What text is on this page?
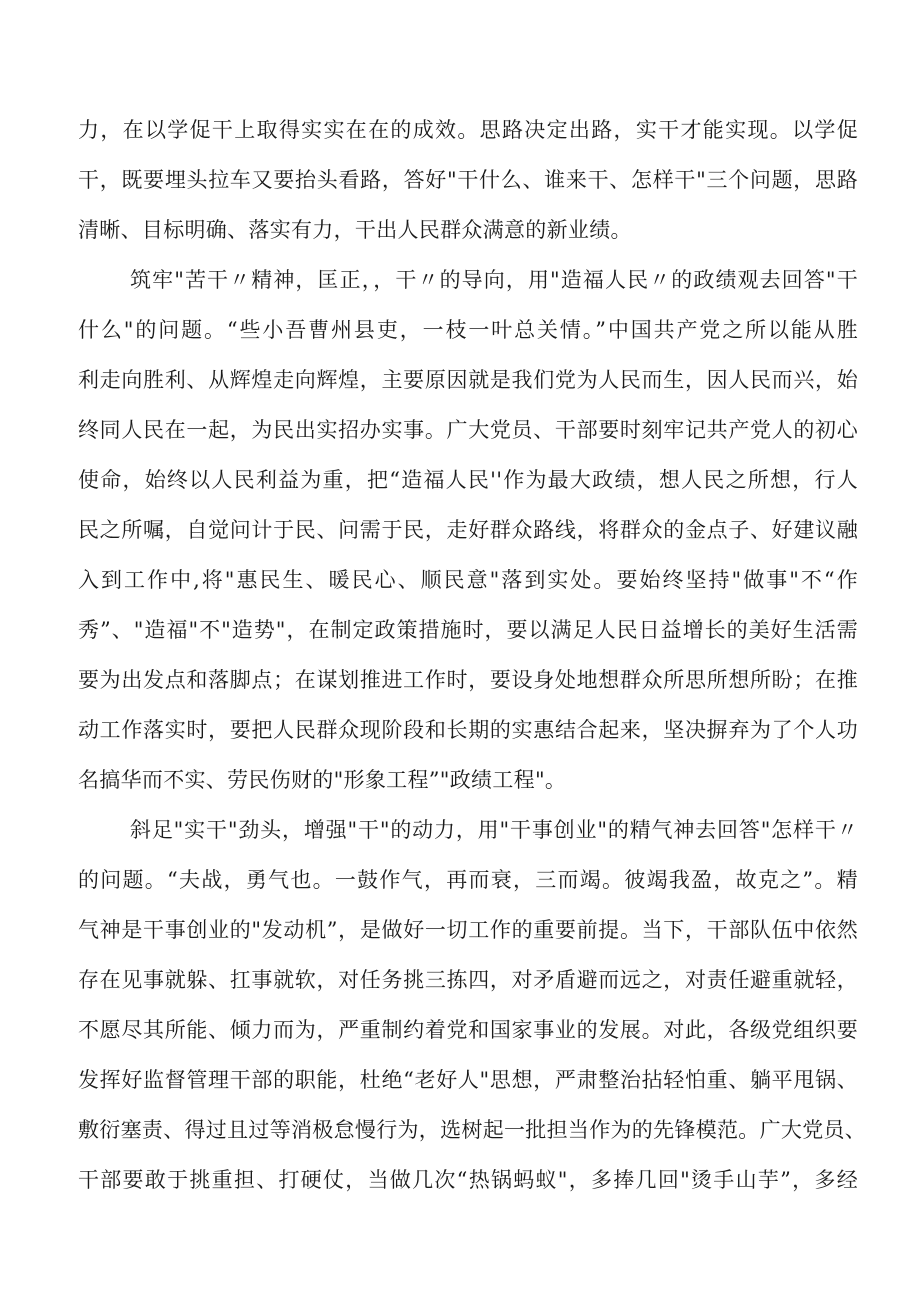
力，在以学促干上取得实实在在的成效。思路决定出路，实干才能实现。以学促
干，既要埋头拉车又要抬头看路，答好"干什么、谁来干、怎样干"三个问题，思路
清晰、目标明确、落实有力，干出人民群众满意的新业绩。
筑牢"苦干〃精神，匡正，，干〃的导向，用"造福人民〃的政绩观去回答"干
什么"的问题。“些小吾曹州县吏，一枝一叶总关情。”中国共产党之所以能从胜
利走向胜利、从辉煌走向辉煌，主要原因就是我们党为人民而生，因人民而兴，始
终同人民在一起，为民出实招办实事。广大党员、干部要时刻牢记共产党人的初心
使命，始终以人民利益为重，把“造福人民''作为最大政绩，想人民之所想，行人
民之所嘱，自觉问计于民、问需于民，走好群众路线，将群众的金点子、好建议融
入到工作中,将"惠民生、暖民心、顺民意"落到实处。要始终坚持"做事"不“作
秀”、"造福"不"造势"，在制定政策措施时，要以满足人民日益增长的美好生活需
要为出发点和落脚点；在谋划推进工作时，要设身处地想群众所思所想所盼；在推
动工作落实时，要把人民群众现阶段和长期的实惠结合起来，坚决摒弃为了个人功
名搞华而不实、劳民伤财的"形象工程”"政绩工程"。
斜足"实干"劲头，增强"干"的动力，用"干事创业"的精气神去回答"怎样干〃
的问题。“夫战，勇气也。一鼓作气，再而衰，三而竭。彼竭我盈，故克之”。精
气神是干事创业的"发动机”，是做好一切工作的重要前提。当下，干部队伍中依然
存在见事就躲、扛事就软，对任务挑三拣四，对矛盾避而远之，对责任避重就轻，
不愿尽其所能、倾力而为，严重制约着党和国家事业的发展。对此，各级党组织要
发挥好监督管理干部的职能，杜绝“老好人"思想，严肃整治拈轻怕重、躺平甩锅、
敷衍塞责、得过且过等消极怠慢行为，选树起一批担当作为的先锋模范。广大党员、
干部要敢于挑重担、打硬仗，当做几次“热锅蚂蚁"，多捧几回"烫手山芋”，多经
